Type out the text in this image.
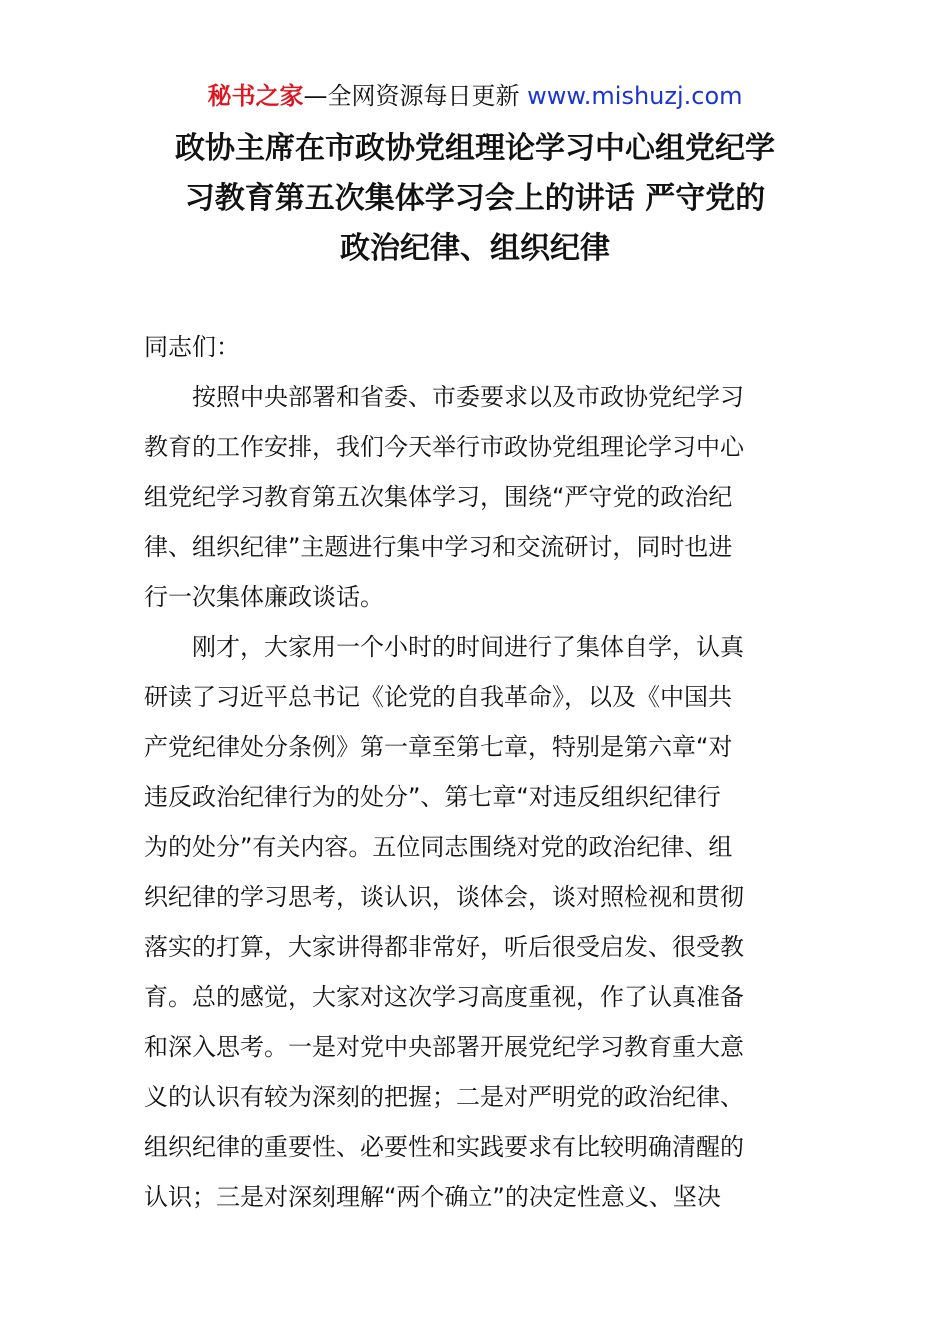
秘书之家—全网资源每日更新 www.mishuzj.com
政协主席在市政协党组理论学习中心组党纪学
习教育第五次集体学习会上的讲话 严守党的
政治纪律、组织纪律

同志们：

按照中央部署和省委、市委要求以及市政协党纪学习
教育的工作安排，我们今天举行市政协党组理论学习中心
组党纪学习教育第五次集体学习，围绕“严守党的政治纪
律、组织纪律”主题进行集中学习和交流研讨，同时也进
行一次集体廉政谈话。

刚才，大家用一个小时的时间进行了集体自学，认真
研读了习近平总书记《论党的自我革命》，以及《中国共
产党纪律处分条例》第一章至第七章，特别是第六章“对
违反政治纪律行为的处分”、第七章“对违反组织纪律行
为的处分”有关内容。五位同志围绕对党的政治纪律、组
织纪律的学习思考，谈认识，谈体会，谈对照检视和贯彻
落实的打算，大家讲得都非常好，听后很受启发、很受教
育。总的感觉，大家对这次学习高度重视，作了认真准备
和深入思考。一是对党中央部署开展党纪学习教育重大意
义的认识有较为深刻的把握；二是对严明党的政治纪律、
组织纪律的重要性、必要性和实践要求有比较明确清醒的
认识；三是对深刻理解“两个确立”的决定性意义、坚决
